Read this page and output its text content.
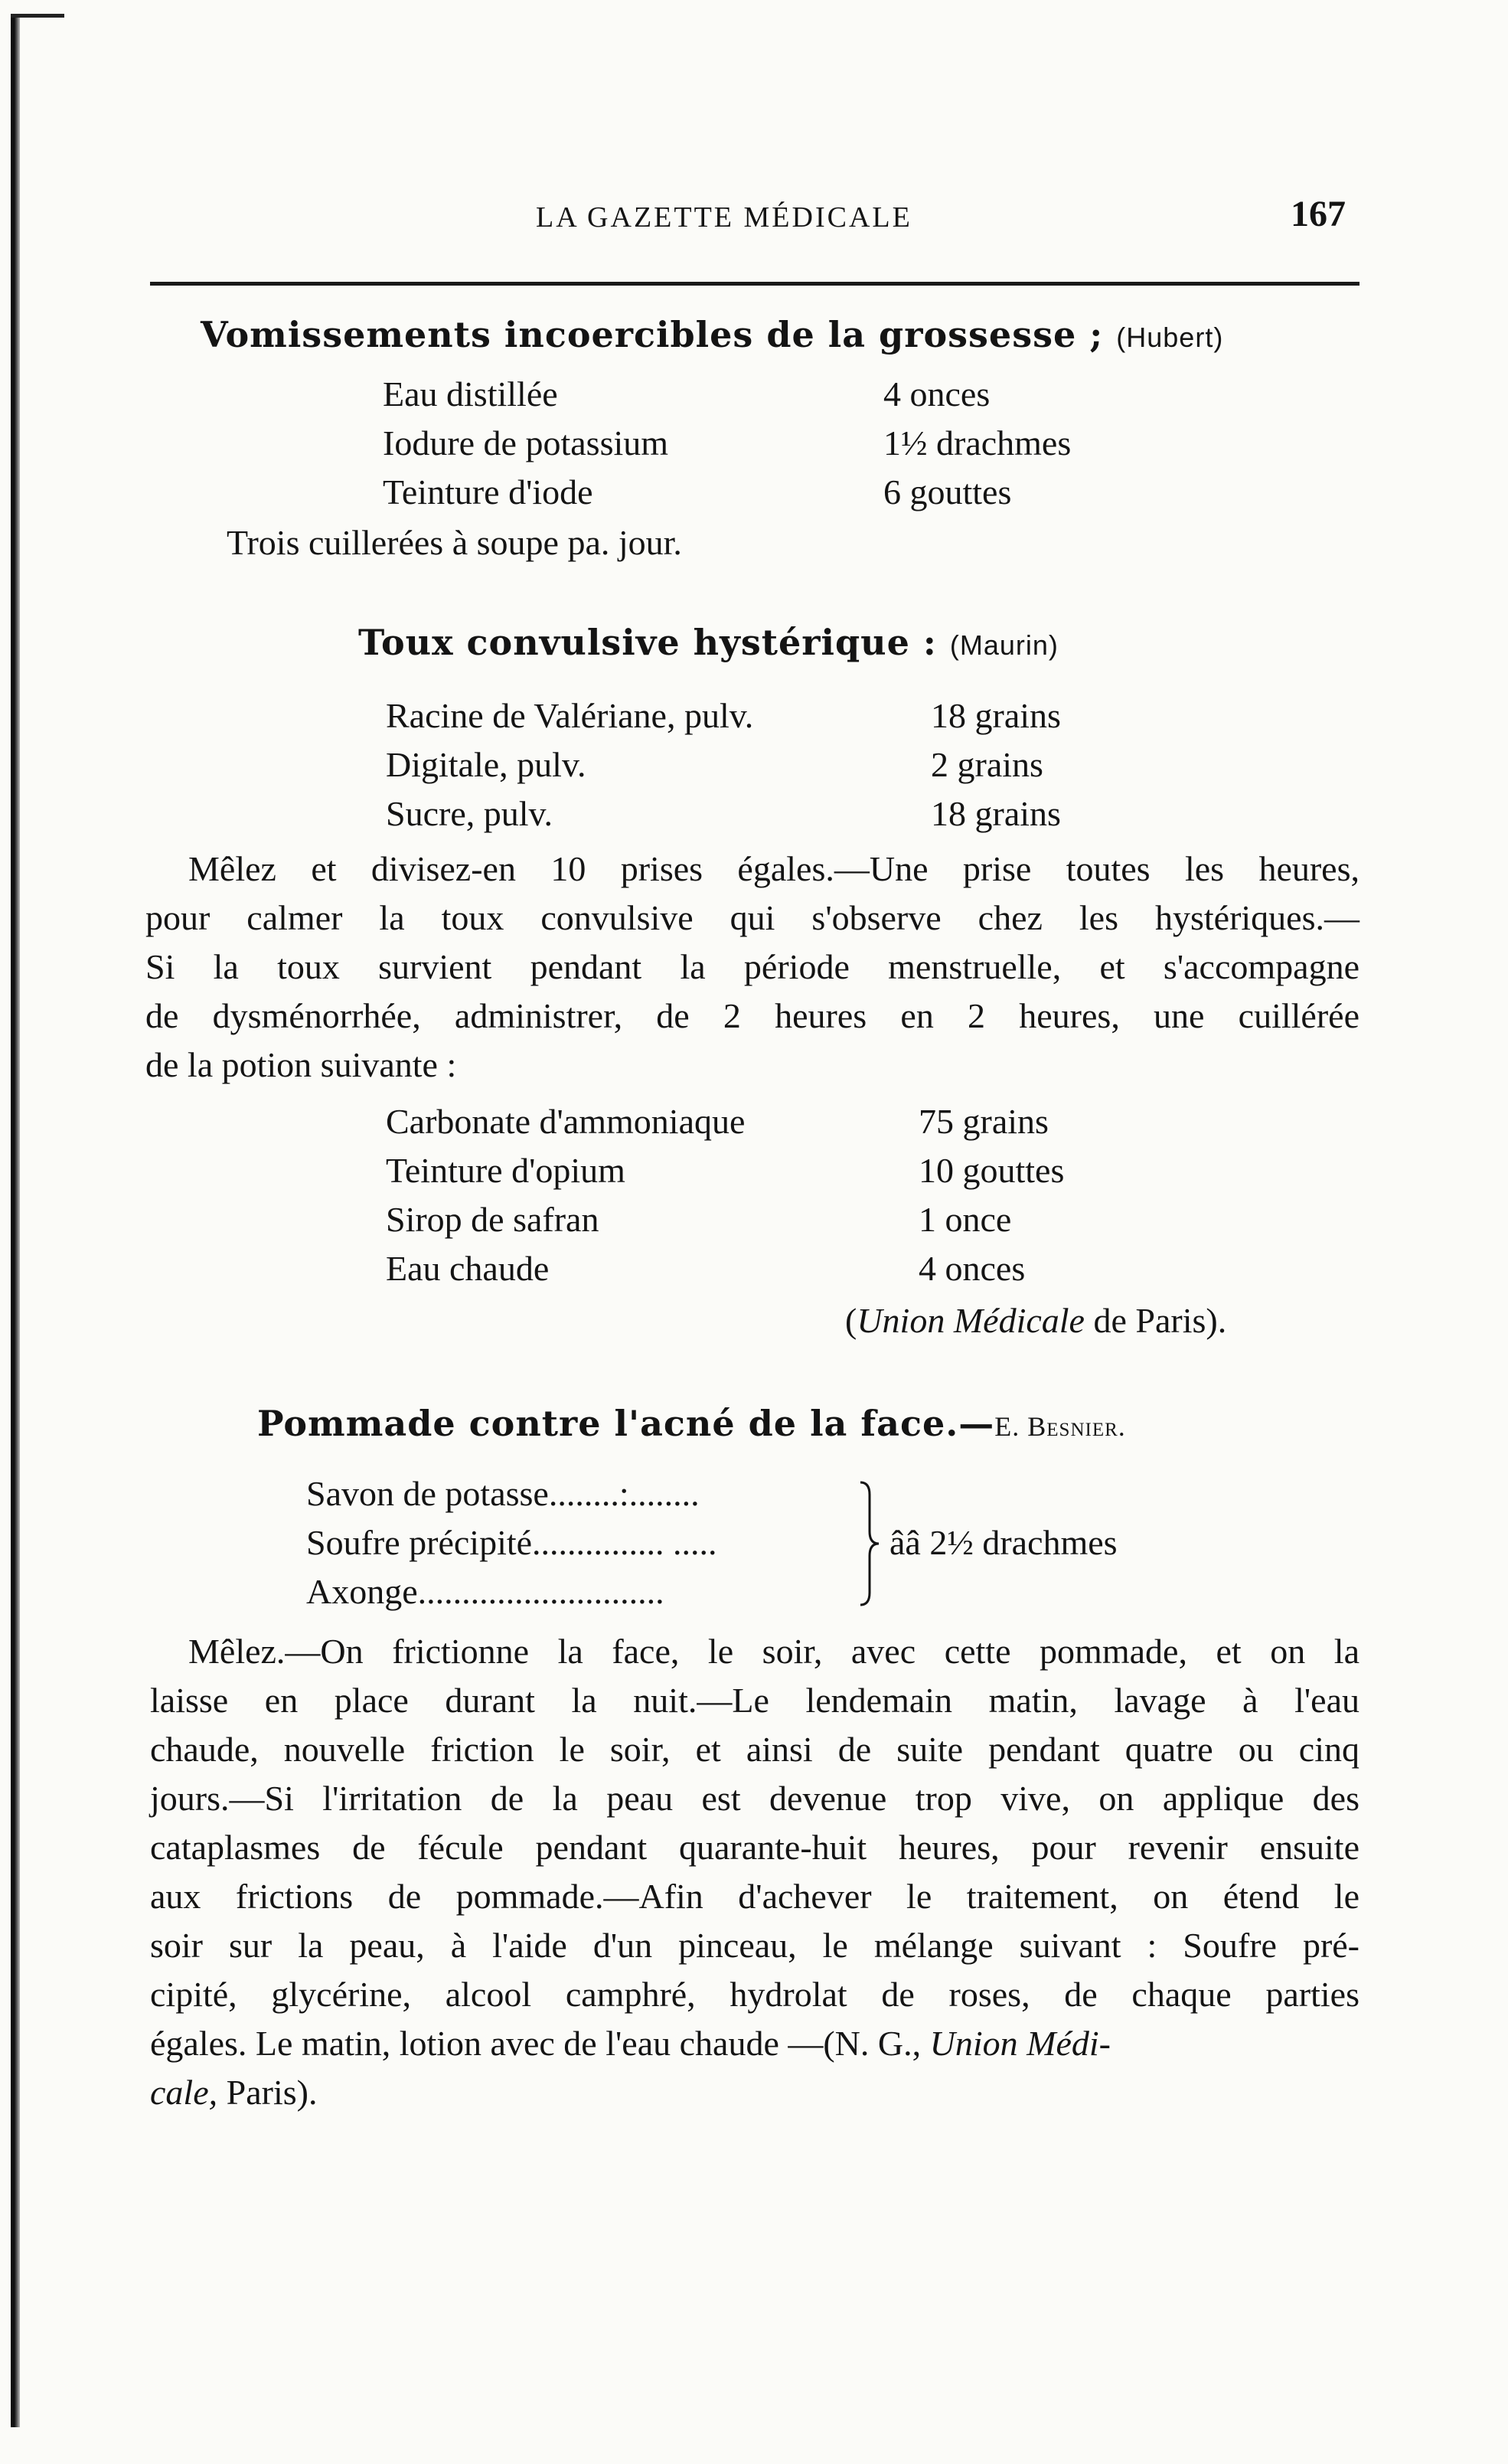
LA GAZETTE MÉDICALE	167
Vomissements incoercibles de la grossesse ; (Hubert)
Eau distillée	4 onces
Iodure de potassium	1½ drachmes
Teinture d'iode	6 gouttes
Trois cuillerées à soupe pa. jour.
Toux convulsive hystérique : (Maurin)
Racine de Valériane, pulv.	18 grains
Digitale, pulv.	2 grains
Sucre, pulv.	18 grains
Mêlez et divisez-en 10 prises égales.—Une prise toutes les heures,
pour calmer la toux convulsive qui s'observe chez les hystériques.—
Si la toux survient pendant la période menstruelle, et s'accompagne
de dysménorrhée, administrer, de 2 heures en 2 heures, une cuillérée
de la potion suivante :
Carbonate d'ammoniaque	75 grains
Teinture d'opium	10 gouttes
Sirop de safran	1 once
Eau chaude	4 onces
(Union Médicale de Paris).
Pommade contre l'acné de la face.—E. Besnier.
Savon de potasse........:........
Soufre précipité............... .....
Axonge............................
ââ 2½ drachmes
Mêlez.—On frictionne la face, le soir, avec cette pommade, et on la
laisse en place durant la nuit.—Le lendemain matin, lavage à l'eau
chaude, nouvelle friction le soir, et ainsi de suite pendant quatre ou cinq
jours.—Si l'irritation de la peau est devenue trop vive, on applique des
cataplasmes de fécule pendant quarante-huit heures, pour revenir ensuite
aux frictions de pommade.—Afin d'achever le traitement, on étend le
soir sur la peau, à l'aide d'un pinceau, le mélange suivant : Soufre pré-
cipité, glycérine, alcool camphré, hydrolat de roses, de chaque parties
égales. Le matin, lotion avec de l'eau chaude —(N. G., Union Médi-
cale, Paris).
